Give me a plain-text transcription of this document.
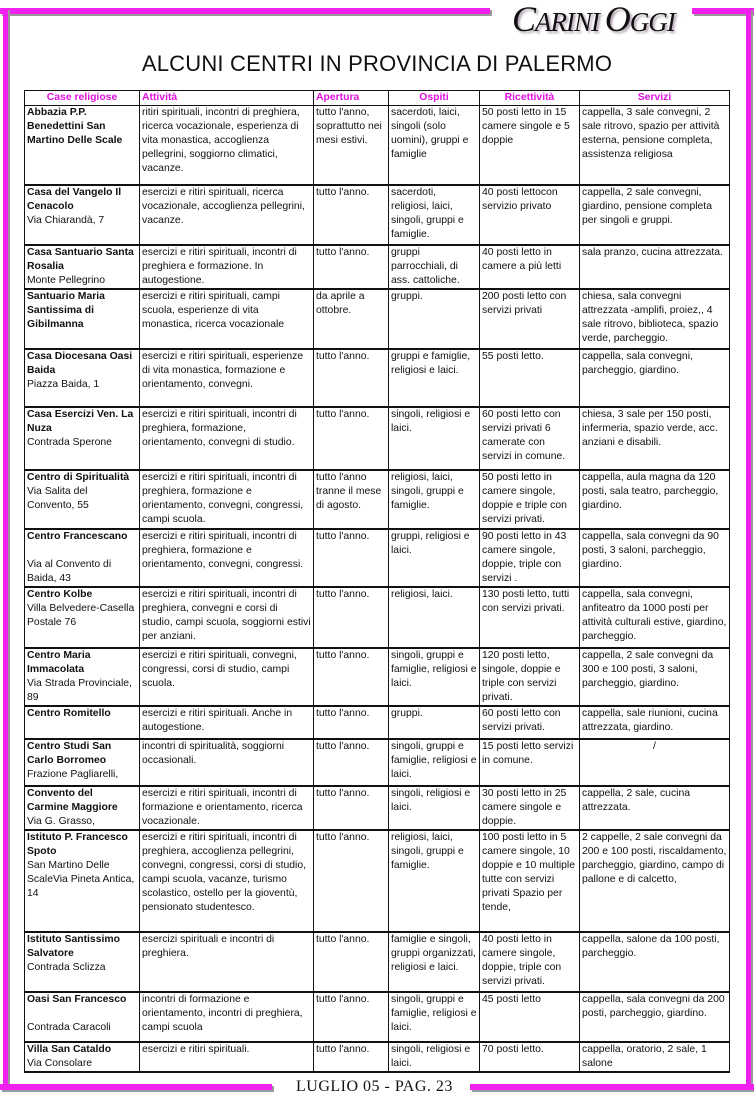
CARINI OGGI
ALCUNI CENTRI IN PROVINCIA DI PALERMO
Case religiose	Attività	Apertura	Ospiti	Ricettività	Servizi

Abbazia P.P. Benedettini San Martino Delle Scale	ritiri spirituali, incontri di preghiera, ricerca vocazionale, esperienza di vita monastica, accoglienza pellegrini, soggiorno climatici, vacanze.	tutto l'anno, soprattutto nei mesi estivi.	sacerdoti, laici, singoli (solo uomini), gruppi e famiglie	50 posti letto in 15 camere singole e 5 doppie	cappella, 3 sale convegni, 2 sale ritrovo, spazio per attività esterna, pensione completa, assistenza religiosa

Casa del Vangelo Il Cenacolo
Via Chiarandà, 7	esercizi e ritiri spirituali, ricerca vocazionale, accoglienza pellegrini, vacanze.	tutto l'anno.	sacerdoti, religiosi, laici, singoli, gruppi e famiglie.	40 posti lettocon servizio privato	cappella, 2 sale convegni, giardino, pensione completa per singoli e gruppi.

Casa Santuario Santa Rosalia
Monte Pellegrino	esercizi e ritiri spirituali, incontri di preghiera e formazione. In autogestione.	tutto l'anno.	gruppi parrocchiali, di ass. cattoliche.	40 posti letto in camere a più letti	sala pranzo, cucina attrezzata.

Santuario Maria Santissima di Gibilmanna	esercizi e ritiri spirituali, campi scuola, esperienze di vita monastica, ricerca vocazionale	da aprile a ottobre.	gruppi.	200 posti letto con servizi privati	chiesa, sala convegni attrezzata -amplifi, proiez,, 4 sale ritrovo, biblioteca, spazio verde, parcheggio.

Casa Diocesana Oasi Baida
Piazza Baida, 1	esercizi e ritiri spirituali, esperienze di vita monastica, formazione e orientamento, convegni.	tutto l'anno.	gruppi e famiglie, religiosi e laici.	55 posti letto.	cappella, sala convegni, parcheggio, giardino.

Casa Esercizi Ven. La Nuza
Contrada Sperone	esercizi e ritiri spirituali, incontri di preghiera, formazione, orientamento, convegni di studio.	tutto l'anno.	singoli, religiosi e laici.	60 posti letto con servizi privati 6 camerate con servizi in comune.	chiesa, 3 sale per 150 posti, infermeria, spazio verde, acc. anziani e disabili.

Centro di Spiritualità
Via Salita del Convento, 55	esercizi e ritiri spirituali, incontri di preghiera, formazione e orientamento, convegni, congressi, campi scuola.	tutto l'anno tranne il mese di agosto.	religiosi, laici, singoli, gruppi e famiglie.	50 posti letto in camere singole, doppie e triple con servizi privati.	cappella, aula magna da 120 posti, sala teatro, parcheggio, giardino.

Centro Francescano

Via al Convento di Baida, 43	esercizi e ritiri spirituali, incontri di preghiera, formazione e orientamento, convegni, congressi.	tutto l'anno.	gruppi, religiosi e laici.	90 posti letto in 43 camere singole, doppie, triple con servizi .	cappella, sala convegni da 90 posti, 3 saloni, parcheggio, giardino.

Centro Kolbe
Villa Belvedere-Casella Postale 76	esercizi e ritiri spirituali, incontri di preghiera, convegni e corsi di studio, campi scuola, soggiorni estivi per anziani.	tutto l'anno.	religiosi, laici.	130 posti letto, tutti con servizi privati.	cappella, sala convegni, anfiteatro da 1000 posti per attività culturali estive, giardino, parcheggio.

Centro Maria Immacolata
Via Strada Provinciale, 89	esercizi e ritiri spirituali, convegni, congressi, corsi di studio, campi scuola.	tutto l'anno.	singoli, gruppi e famiglie, religiosi e laici.	120 posti letto, singole, doppie e triple con servizi privati.	cappella, 2 sale convegni da 300 e 100 posti, 3 saloni, parcheggio, giardino.

Centro Romitello	esercizi e ritiri spirituali. Anche in autogestione.	tutto l'anno.	gruppi.	60 posti letto con servizi privati.	cappella, sale riunioni, cucina attrezzata, giardino.

Centro Studi San Carlo Borromeo
Frazione Pagliarelli,	incontri di spiritualità, soggiorni occasionali.	tutto l'anno.	singoli, gruppi e famiglie, religiosi e laici.	15 posti letto servizi in comune.	/

Convento del Carmine Maggiore
Via G. Grasso,	esercizi e ritiri spirituali, incontri di formazione e orientamento, ricerca vocazionale.	tutto l'anno.	singoli, religiosi e laici.	30 posti letto in 25 camere singole e doppie.	cappella, 2 sale, cucina attrezzata.

Istituto P. Francesco Spoto
San Martino Delle ScaleVia Pineta Antica, 14	esercizi e ritiri spirituali, incontri di preghiera, accoglienza pellegrini, convegni, congressi, corsi di studio, campi scuola, vacanze, turismo scolastico, ostello per la gioventù, pensionato studentesco.	tutto l'anno.	religiosi, laici, singoli, gruppi e famiglie.	100 posti letto in 5 camere singole, 10 doppie e 10 multiple tutte con servizi privati Spazio per tende,	2 cappelle, 2 sale convegni da 200 e 100 posti, riscaldamento, parcheggio, giardino, campo di pallone e di calcetto,

Istituto Santissimo Salvatore
Contrada Sclizza	esercizi spirituali e incontri di preghiera.	tutto l'anno.	famiglie e singoli, gruppi organizzati, religiosi e laici.	40 posti letto in camere singole, doppie, triple con servizi privati.	cappella, salone da 100 posti, parcheggio.

Oasi San Francesco

Contrada Caracoli	incontri di formazione e orientamento, incontri di preghiera, campi scuola	tutto l'anno.	singoli, gruppi e famiglie, religiosi e laici.	45 posti letto	cappella, sala convegni da 200 posti, parcheggio, giardino.

Villa San Cataldo
Via Consolare	esercizi e ritiri spirituali.	tutto l'anno.	singoli, religiosi e laici.	70 posti letto.	cappella, oratorio, 2 sale, 1 salone
LUGLIO 05 - PAG. 23
